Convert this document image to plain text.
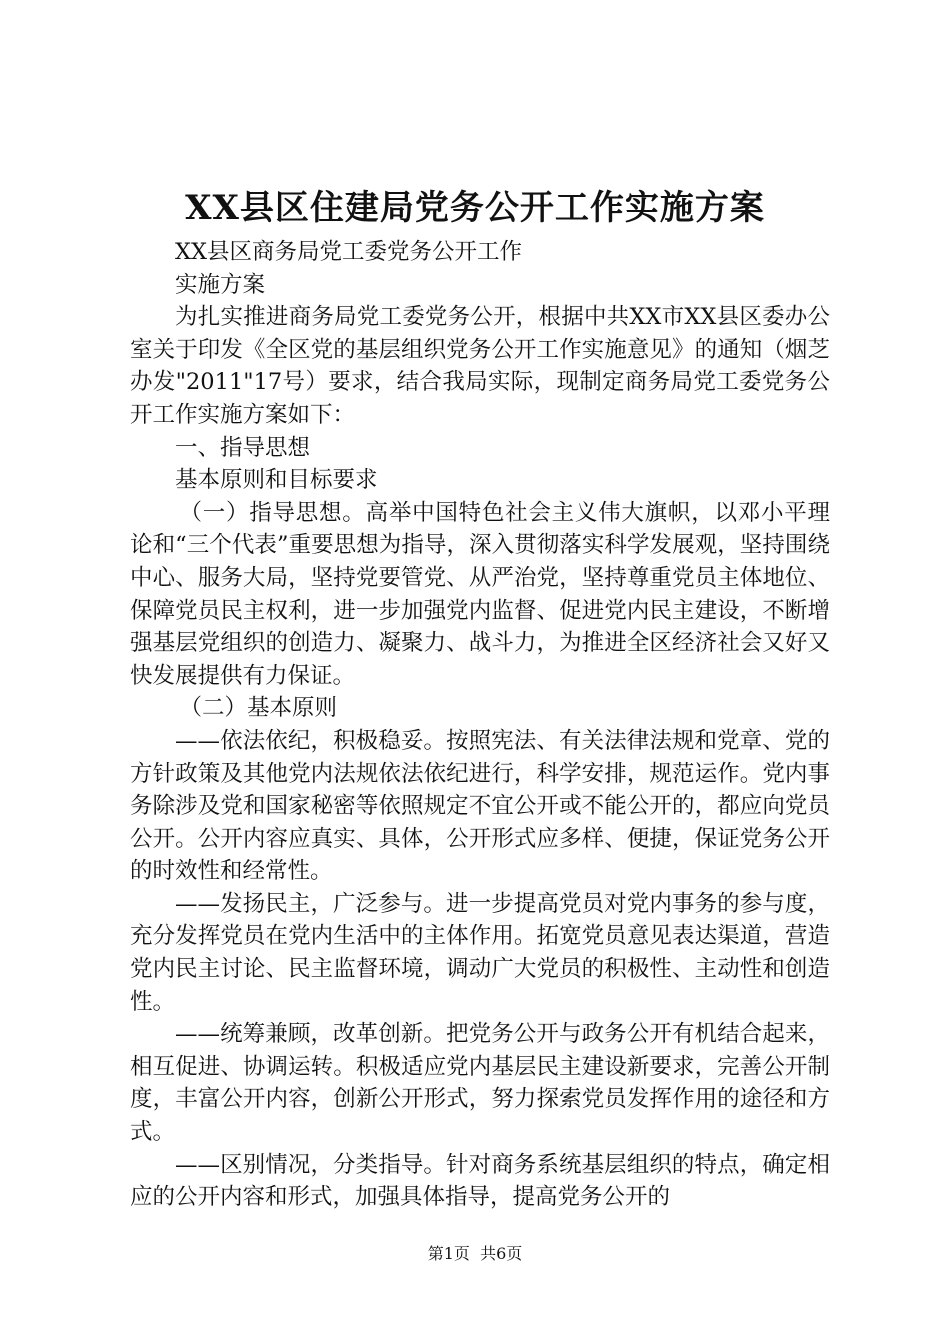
XX县区住建局党务公开工作实施方案

XX县区商务局党工委党务公开工作

实施方案

为扎实推进商务局党工委党务公开，根据中共XX市XX县区委办公室关于印发《全区党的基层组织党务公开工作实施意见》的通知（烟芝办发"2011"17号）要求，结合我局实际，现制定商务局党工委党务公开工作实施方案如下：

一、指导思想

基本原则和目标要求

（一）指导思想。高举中国特色社会主义伟大旗帜，以邓小平理论和“三个代表”重要思想为指导，深入贯彻落实科学发展观，坚持围绕中心、服务大局，坚持党要管党、从严治党，坚持尊重党员主体地位、保障党员民主权利，进一步加强党内监督、促进党内民主建设，不断增强基层党组织的创造力、凝聚力、战斗力，为推进全区经济社会又好又快发展提供有力保证。

（二）基本原则

——依法依纪，积极稳妥。按照宪法、有关法律法规和党章、党的方针政策及其他党内法规依法依纪进行，科学安排，规范运作。党内事务除涉及党和国家秘密等依照规定不宜公开或不能公开的，都应向党员公开。公开内容应真实、具体，公开形式应多样、便捷，保证党务公开的时效性和经常性。

——发扬民主，广泛参与。进一步提高党员对党内事务的参与度，充分发挥党员在党内生活中的主体作用。拓宽党员意见表达渠道，营造党内民主讨论、民主监督环境，调动广大党员的积极性、主动性和创造性。

——统筹兼顾，改革创新。把党务公开与政务公开有机结合起来，相互促进、协调运转。积极适应党内基层民主建设新要求，完善公开制度，丰富公开内容，创新公开形式，努力探索党员发挥作用的途径和方式。

——区别情况，分类指导。针对商务系统基层组织的特点，确定相应的公开内容和形式，加强具体指导，提高党务公开的

第1页  共6页
